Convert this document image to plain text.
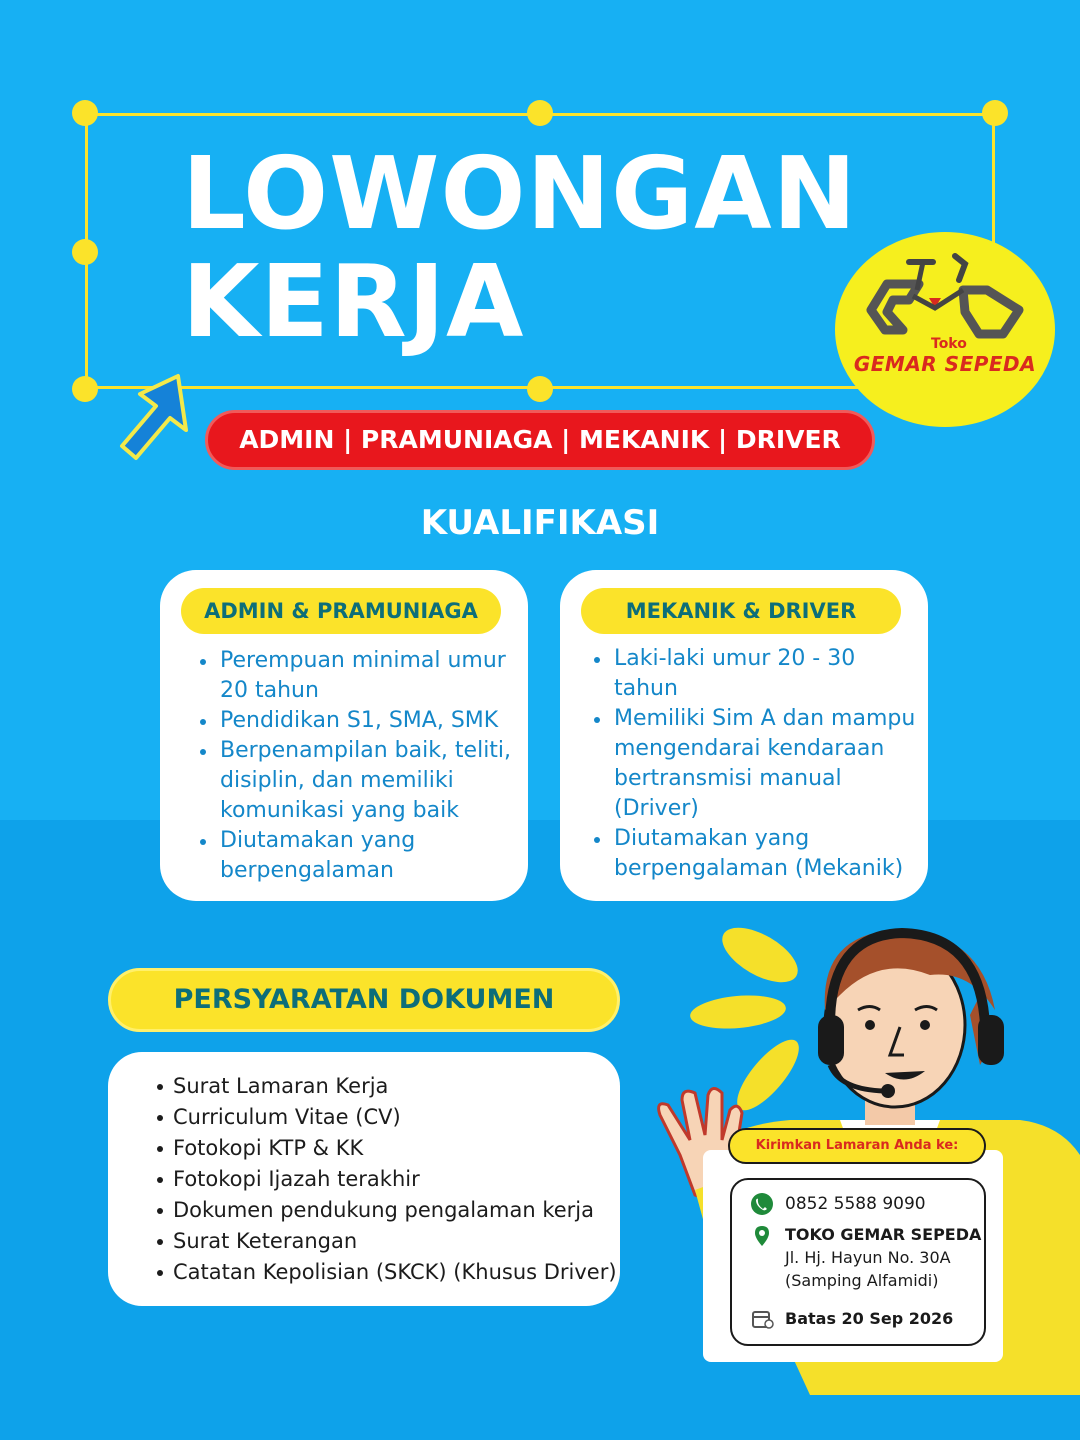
LOWONGAN
KERJA	Toko
GEMAR SEPEDA
ADMIN | PRAMUNIAGA | MEKANIK | DRIVER
KUALIFIKASI
ADMIN & PRAMUNIAGA
Perempuan minimal umur 20 tahun
Pendidikan S1, SMA, SMK
Berpenampilan baik, teliti, disiplin, dan memiliki komunikasi yang baik
Diutamakan yang berpengalaman
MEKANIK & DRIVER
Laki-laki umur 20 - 30 tahun
Memiliki Sim A dan mampu mengendarai kendaraan bertransmisi manual (Driver)
Diutamakan yang berpengalaman (Mekanik)
PERSYARATAN DOKUMEN
Surat Lamaran Kerja
Curriculum Vitae (CV)
Fotokopi KTP & KK
Fotokopi Ijazah terakhir
Dokumen pendukung pengalaman kerja
Surat Keterangan
Catatan Kepolisian (SKCK) (Khusus Driver)
Kirimkan Lamaran Anda ke:
0852 5588 9090
TOKO GEMAR SEPEDA
Jl. Hj. Hayun No. 30A
(Samping Alfamidi)
Batas 20 Sep 2026
